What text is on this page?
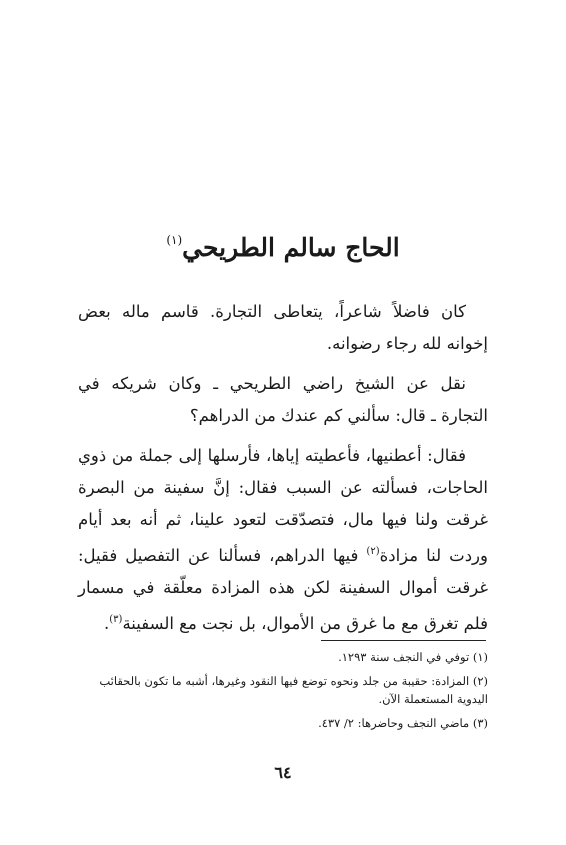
الحاج سالم الطريحي$^{(١)}$

كان فاضلاً شاعراً، يتعاطى التجارة. قاسم ماله بعض إخوانه لله رجاء رضوانه.

نقل عن الشيخ راضي الطريحي ـ وكان شريكه في التجارة ـ قال: سألني كم عندك من الدراهم؟

فقال: أعطنيها، فأعطيته إياها، فأرسلها إلى جملة من ذوي الحاجات، فسألته عن السبب فقال: إنَّ سفينة من البصرة غرقت ولنا فيها مال، فتصدّقت لتعود علينا، ثم أنه بعد أيام وردت لنا مزادة$^{(٢)}$ فيها الدراهم، فسألنا عن التفصيل فقيل: غرقت أموال السفينة لكن هذه المزادة معلّقة في مسمار فلم تغرق مع ما غرق من الأموال، بل نجت مع السفينة$^{(٣)}$.

(١) توفي في النجف سنة ١٢٩٣.
(٢) المزادة: حقيبة من جلد ونحوه توضع فيها النقود وغيرها، أشبه ما تكون بالحقائب اليدوية المستعملة الآن.
(٣) ماضي النجف وحاضرها: ٢/ ٤٣٧.
٦٤
